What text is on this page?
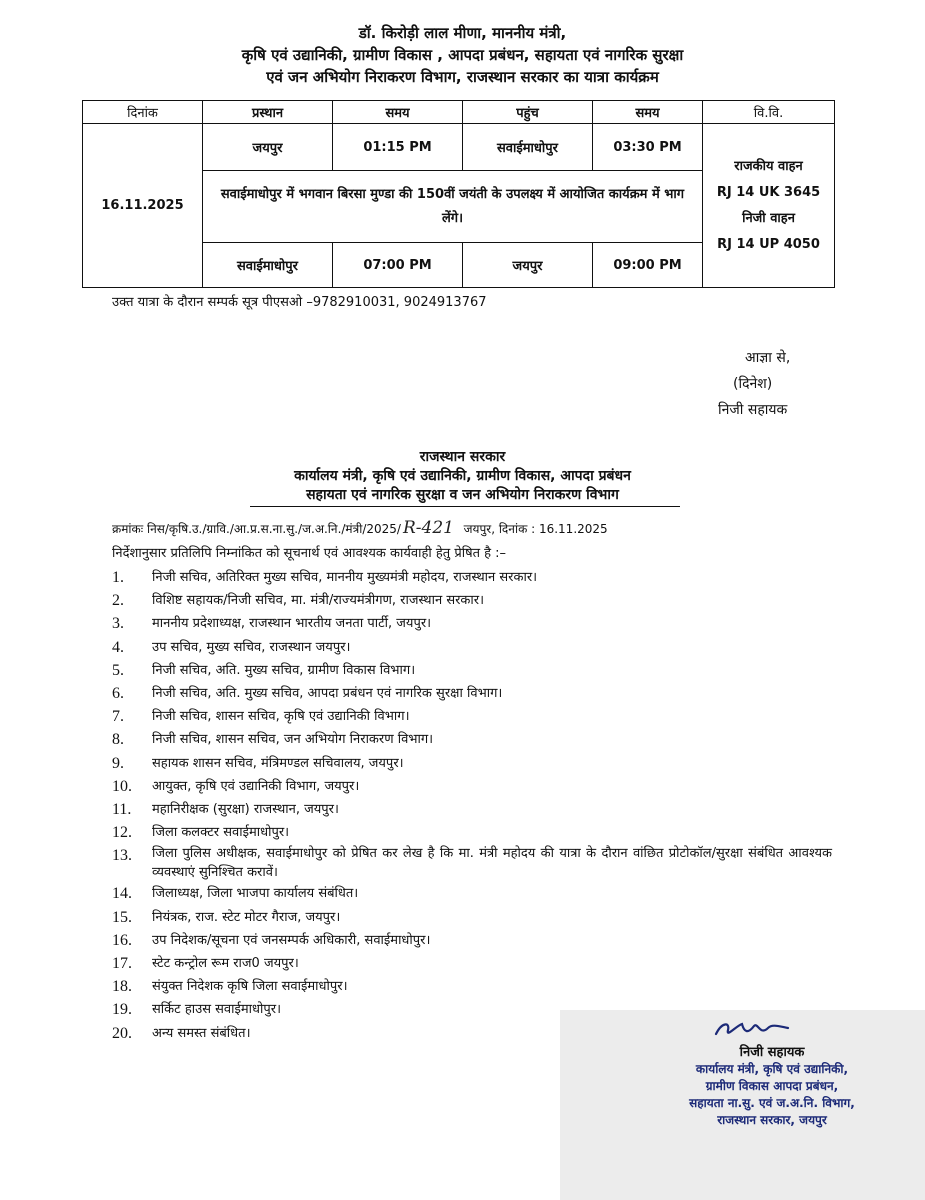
डॉ. किरोड़ी लाल मीणा, माननीय मंत्री,
कृषि एवं उद्यानिकी, ग्रामीण विकास , आपदा प्रबंधन, सहायता एवं नागरिक सुरक्षा
एवं जन अभियोग निराकरण विभाग, राजस्थान सरकार का यात्रा कार्यक्रम
दिनांक	प्रस्थान	समय	पहुंच	समय	वि.वि.
16.11.2025	जयपुर	01:15 PM	सवाईमाधोपुर	03:30 PM	राजकीय वाहन
RJ 14 UK 3645
निजी वाहन
RJ 14 UP 4050

	सवाईमाधोपुर में भगवान बिरसा मुण्डा की 150वीं जयंती के उपलक्ष्य में आयोजित कार्यक्रम में भाग लेंगे।				
	सवाईमाधोपुर	07:00 PM	जयपुर	09:00 PM	
उक्त यात्रा के दौरान सम्पर्क सूत्र पीएसओ –9782910031, 9024913767
आज्ञा से,
(दिनेश)
निजी सहायक
राजस्थान सरकार
कार्यालय मंत्री, कृषि एवं उद्यानिकी, ग्रामीण विकास, आपदा प्रबंधन
सहायता एवं नागरिक सुरक्षा व जन अभियोग निराकरण विभाग
क्रमांकः निस/कृषि.उ./ग्रावि./आ.प्र.स.ना.सु./ज.अ.नि./मंत्री/2025/ R-421 जयपुर, दिनांक : 16.11.2025
निर्देशानुसार प्रतिलिपि निम्नांकित को सूचनार्थ एवं आवश्यक कार्यवाही हेतु प्रेषित है :–
1.	निजी सचिव, अतिरिक्त मुख्य सचिव, माननीय मुख्यमंत्री महोदय, राजस्थान सरकार।
2.	विशिष्ट सहायक/निजी सचिव, मा. मंत्री/राज्यमंत्रीगण, राजस्थान सरकार।
3.	माननीय प्रदेशाध्यक्ष, राजस्थान भारतीय जनता पार्टी, जयपुर।
4.	उप सचिव, मुख्य सचिव, राजस्थान जयपुर।
5.	निजी सचिव, अति. मुख्य सचिव, ग्रामीण विकास विभाग।
6.	निजी सचिव, अति. मुख्य सचिव, आपदा प्रबंधन एवं नागरिक सुरक्षा विभाग।
7.	निजी सचिव, शासन सचिव, कृषि एवं उद्यानिकी विभाग।
8.	निजी सचिव, शासन सचिव, जन अभियोग निराकरण विभाग।
9.	सहायक शासन सचिव, मंत्रिमण्डल सचिवालय, जयपुर।
10.	आयुक्त, कृषि एवं उद्यानिकी विभाग, जयपुर।
11.	महानिरीक्षक (सुरक्षा) राजस्थान, जयपुर।
12.	जिला कलक्टर सवाईमाधोपुर।
13.	जिला पुलिस अधीक्षक, सवाईमाधोपुर को प्रेषित कर लेख है कि मा. मंत्री महोदय की यात्रा के दौरान वांछित प्रोटोकॉल/सुरक्षा संबंधित आवश्यक व्यवस्थाएं सुनिश्चित करावें।
14.	जिलाध्यक्ष, जिला भाजपा कार्यालय संबंधित।
15.	नियंत्रक, राज. स्टेट मोटर गैराज, जयपुर।
16.	उप निदेशक/सूचना एवं जनसम्पर्क अधिकारी, सवाईमाधोपुर।
17.	स्टेट कन्ट्रोल रूम राज0 जयपुर।
18.	संयुक्त निदेशक कृषि जिला सवाईमाधोपुर।
19.	सर्किट हाउस सवाईमाधोपुर।
20.	अन्य समस्त संबंधित।
निजी सहायक
कार्यालय मंत्री, कृषि एवं उद्यानिकी,
ग्रामीण विकास आपदा प्रबंधन,
सहायता ना.सु. एवं ज.अ.नि. विभाग,
राजस्थान सरकार, जयपुर
